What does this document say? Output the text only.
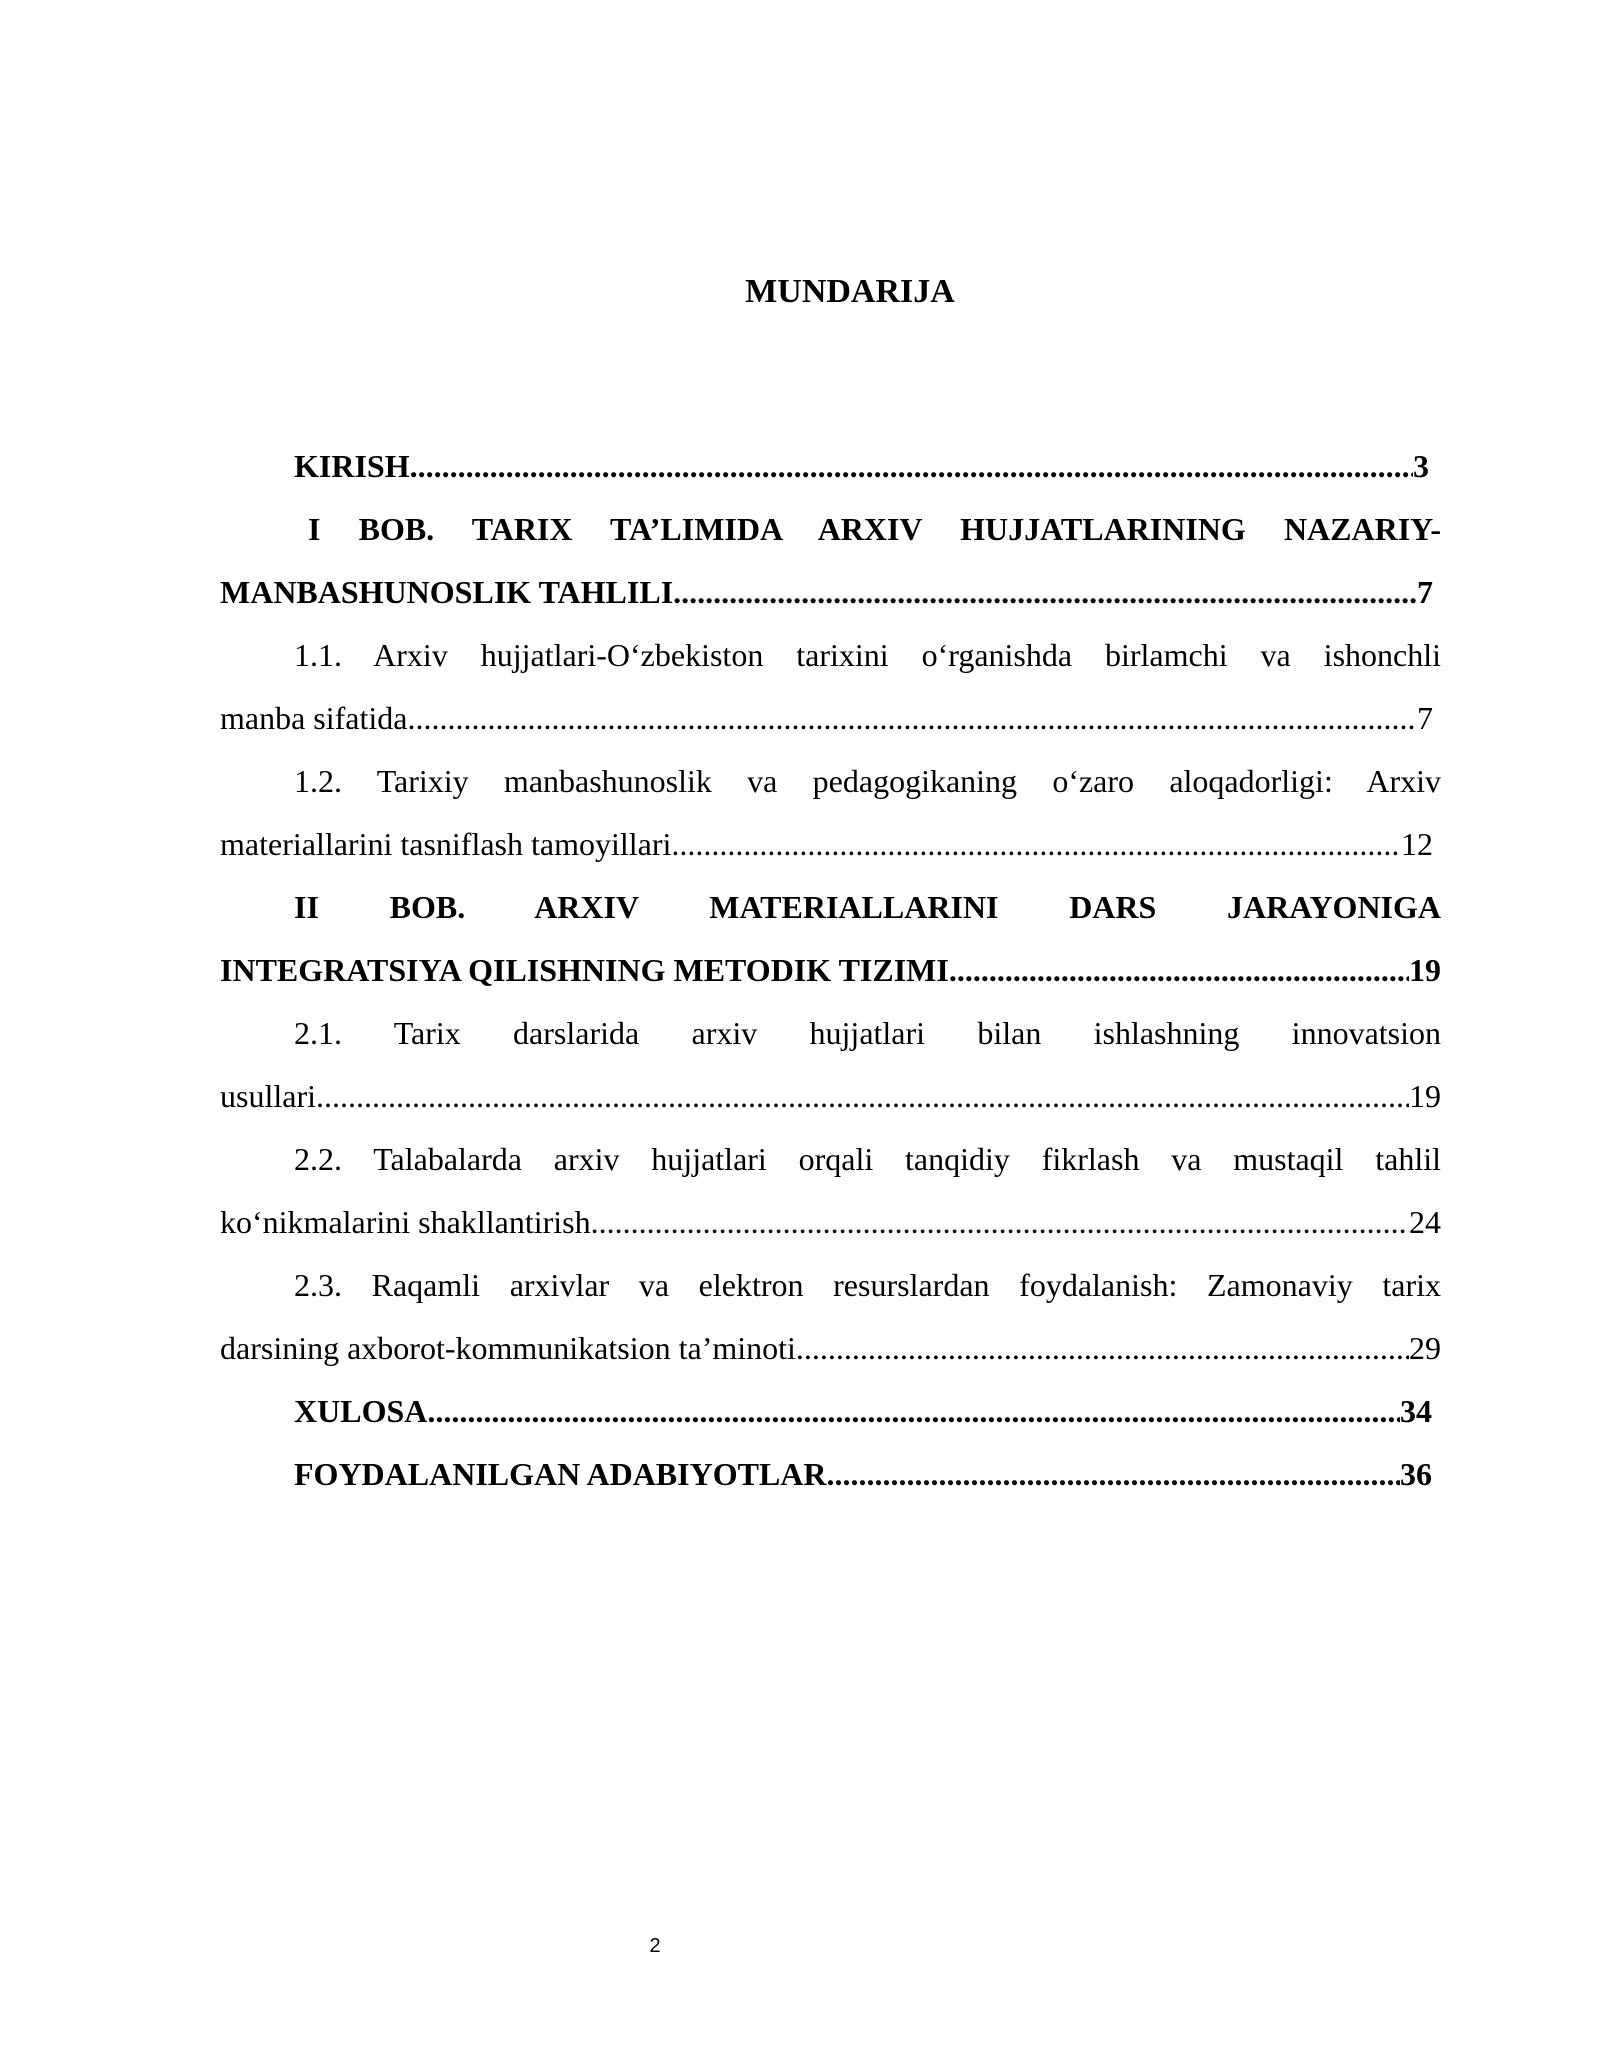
MUNDARIJA
KIRISH .....	3
I BOB. TARIX TA’LIMIDA ARXIV HUJJATLARINING NAZARIY-
MANBASHUNOSLIK TAHLILI .....	7
1.1. Arxiv hujjatlari-O‘zbekiston tarixini o‘rganishda birlamchi va ishonchli
manba sifatida .....	7
1.2. Tarixiy manbashunoslik va pedagogikaning o‘zaro aloqadorligi: Arxiv
materiallarini tasniflash tamoyillari .....	12
II BOB. ARXIV MATERIALLARINI DARS JARAYONIGA
INTEGRATSIYA QILISHNING METODIK TIZIMI .....	19
2.1. Tarix darslarida arxiv hujjatlari bilan ishlashning innovatsion
usullari .....	19
2.2. Talabalarda arxiv hujjatlari orqali tanqidiy fikrlash va mustaqil tahlil
ko‘nikmalarini shakllantirish. .....	24
2.3. Raqamli arxivlar va elektron resurslardan foydalanish: Zamonaviy tarix
darsining axborot-kommunikatsion ta’minoti .....	29
XULOSA .....	34
FOYDALANILGAN ADABIYOTLAR .....	36
2
